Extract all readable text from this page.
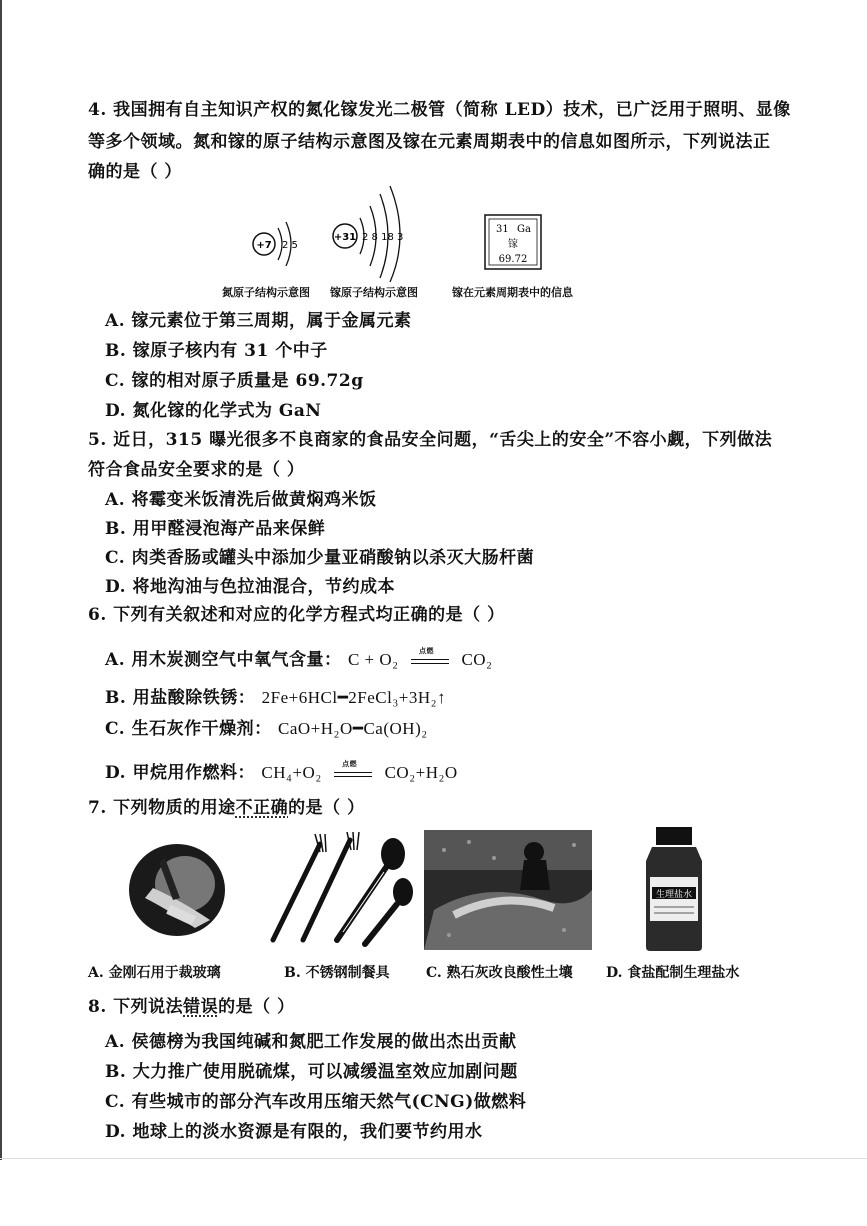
4. 我国拥有自主知识产权的氮化镓发光二极管（简称 LED）技术，已广泛用于照明、显像
等多个领域。氮和镓的原子结构示意图及镓在元素周期表中的信息如图所示，下列说法正
确的是（ ）
+7 2 5
+31 2 8 18 3
31 Ga
镓
69.72
氮原子结构示意图 镓原子结构示意图	镓在元素周期表中的信息
A. 镓元素位于第三周期，属于金属元素
B. 镓原子核内有 31 个中子
C. 镓的相对原子质量是 69.72g
D. 氮化镓的化学式为 GaN
5. 近日，315 曝光很多不良商家的食品安全问题，“舌尖上的安全”不容小觑，下列做法
符合食品安全要求的是（ ）
A. 将霉变米饭清洗后做黄焖鸡米饭
B. 用甲醛浸泡海产品来保鲜
C. 肉类香肠或罐头中添加少量亚硝酸钠以杀灭大肠杆菌
D. 将地沟油与色拉油混合，节约成本
6. 下列有关叙述和对应的化学方程式均正确的是（ ）
A. 用木炭测空气中氧气含量： C + O₂	点燃 CO₂
B. 用盐酸除铁锈： 2Fe+6HCl━2FeCl₃+3H₂↑
C. 生石灰作干燥剂： CaO+H₂O━Ca(OH)₂
D. 甲烷用作燃料： CH₄+O₂	点燃 CO₂+H₂O
7. 下列物质的用途不正确的是（ ）
生理盐水
A. 金刚石用于裁玻璃	B. 不锈钢制餐具	C. 熟石灰改良酸性土壤 D. 食盐配制生理盐水
8. 下列说法错误的是（ ）
A. 侯德榜为我国纯碱和氮肥工作发展的做出杰出贡献
B. 大力推广使用脱硫煤，可以减缓温室效应加剧问题
C. 有些城市的部分汽车改用压缩天然气(CNG)做燃料
D. 地球上的淡水资源是有限的，我们要节约用水
